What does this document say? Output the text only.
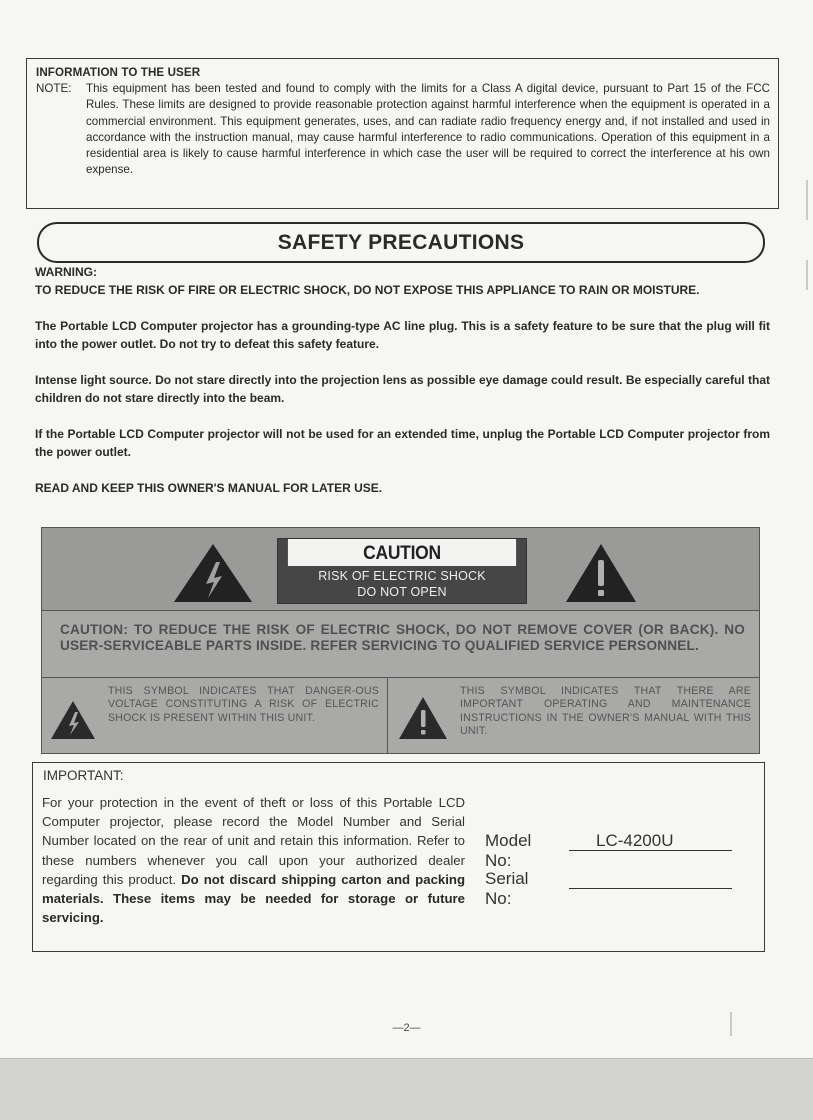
INFORMATION TO THE USER
NOTE: This equipment has been tested and found to comply with the limits for a Class A digital device, pursuant to Part 15 of the FCC Rules. These limits are designed to provide reasonable protection against harmful interference when the equipment is operated in a commercial environment. This equipment generates, uses, and can radiate radio frequency energy and, if not installed and used in accordance with the instruction manual, may cause harmful interference to radio communications. Operation of this equipment in a residential area is likely to cause harmful interference in which case the user will be required to correct the interference at his own expense.
SAFETY PRECAUTIONS

WARNING:

TO REDUCE THE RISK OF FIRE OR ELECTRIC SHOCK, DO NOT EXPOSE THIS APPLIANCE TO RAIN OR MOISTURE.

The Portable LCD Computer projector has a grounding-type AC line plug. This is a safety feature to be sure that the plug will fit into the power outlet. Do not try to defeat this safety feature.

Intense light source. Do not stare directly into the projection lens as possible eye damage could result. Be especially careful that children do not stare directly into the beam.

If the Portable LCD Computer projector will not be used for an extended time, unplug the Portable LCD Computer projector from the power outlet.

READ AND KEEP THIS OWNER'S MANUAL FOR LATER USE.

CAUTION
RISK OF ELECTRIC SHOCK
DO NOT OPEN
CAUTION: TO REDUCE THE RISK OF ELECTRIC SHOCK, DO NOT REMOVE COVER (OR BACK). NO USER-SERVICEABLE PARTS INSIDE. REFER SERVICING TO QUALIFIED SERVICE PERSONNEL.
THIS SYMBOL INDICATES THAT DANGER-OUS VOLTAGE CONSTITUTING A RISK OF ELECTRIC SHOCK IS PRESENT WITHIN THIS UNIT.
THIS SYMBOL INDICATES THAT THERE ARE IMPORTANT OPERATING AND MAINTENANCE INSTRUCTIONS IN THE OWNER'S MANUAL WITH THIS UNIT.
IMPORTANT:
For your protection in the event of theft or loss of this Portable LCD Computer projector, please record the Model Number and Serial Number located on the rear of unit and retain this information. Refer to these numbers whenever you call upon your authorized dealer regarding this product. Do not discard shipping carton and packing materials. These items may be needed for storage or future servicing.
Model No:
LC-4200U
Serial No:
—2—
